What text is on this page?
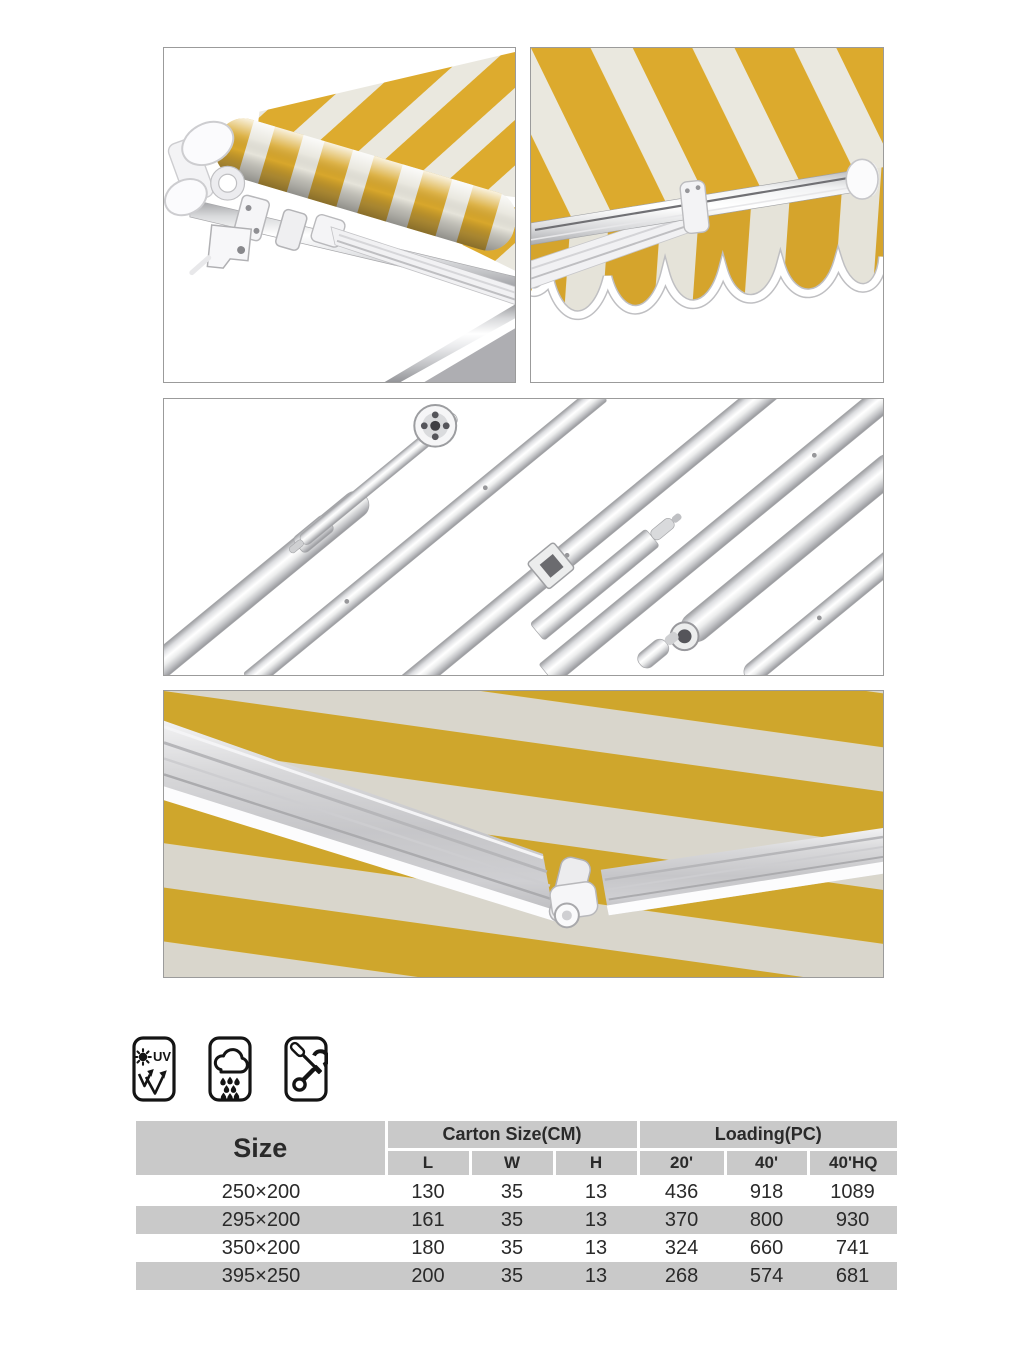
UV
Size	Carton Size(CM)			Loading(PC)		
	L	W	H	20'	40'	40'HQ
250×200	130	35	13	436	918	1089
295×200	161	35	13	370	800	930
350×200	180	35	13	324	660	741
395×250	200	35	13	268	574	681
